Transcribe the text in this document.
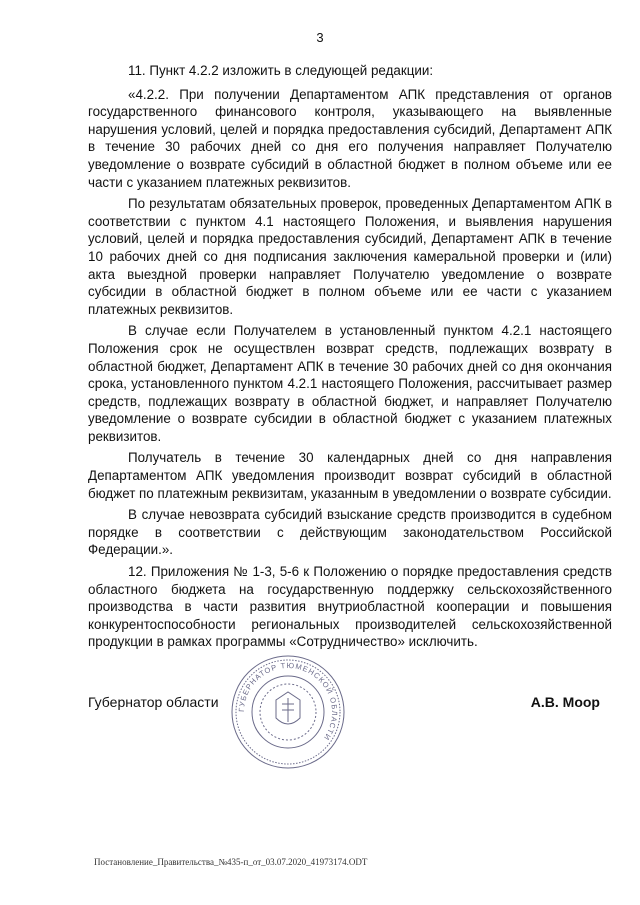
3

11. Пункт 4.2.2 изложить в следующей редакции:

«4.2.2. При получении Департаментом АПК представления от органов государственного финансового контроля, указывающего на выявленные нарушения условий, целей и порядка предоставления субсидий, Департамент АПК в течение 30 рабочих дней со дня его получения направляет Получателю уведомление о возврате субсидий в областной бюджет в полном объеме или ее части с указанием платежных реквизитов.

По результатам обязательных проверок, проведенных Департаментом АПК в соответствии с пунктом 4.1 настоящего Положения, и выявления нарушения условий, целей и порядка предоставления субсидий, Департамент АПК в течение 10 рабочих дней со дня подписания заключения камеральной проверки и (или) акта выездной проверки направляет Получателю уведомление о возврате субсидии в областной бюджет в полном объеме или ее части с указанием платежных реквизитов.

В случае если Получателем в установленный пунктом 4.2.1 настоящего Положения срок не осуществлен возврат средств, подлежащих возврату в областной бюджет, Департамент АПК в течение 30 рабочих дней со дня окончания срока, установленного пунктом 4.2.1 настоящего Положения, рассчитывает размер средств, подлежащих возврату в областной бюджет, и направляет Получателю уведомление о возврате субсидии в областной бюджет с указанием платежных реквизитов.

Получатель в течение 30 календарных дней со дня направления Департаментом АПК уведомления производит возврат субсидий в областной бюджет по платежным реквизитам, указанным в уведомлении о возврате субсидии.

В случае невозврата субсидий взыскание средств производится в судебном порядке в соответствии с действующим законодательством Российской Федерации.».

12. Приложения № 1-3, 5-6 к Положению о порядке предоставления средств областного бюджета на государственную поддержку сельскохозяйственного производства в части развития внутриобластной кооперации и повышения конкурентоспособности региональных производителей сельскохозяйственной продукции в рамках программы «Сотрудничество» исключить.

Губернатор области	А.В. Моор
ГУБЕРНАТОР ТЮМЕНСКОЙ ОБЛАСТИ
Постановление_Правительства_№435-п_от_03.07.2020_41973174.ODT
